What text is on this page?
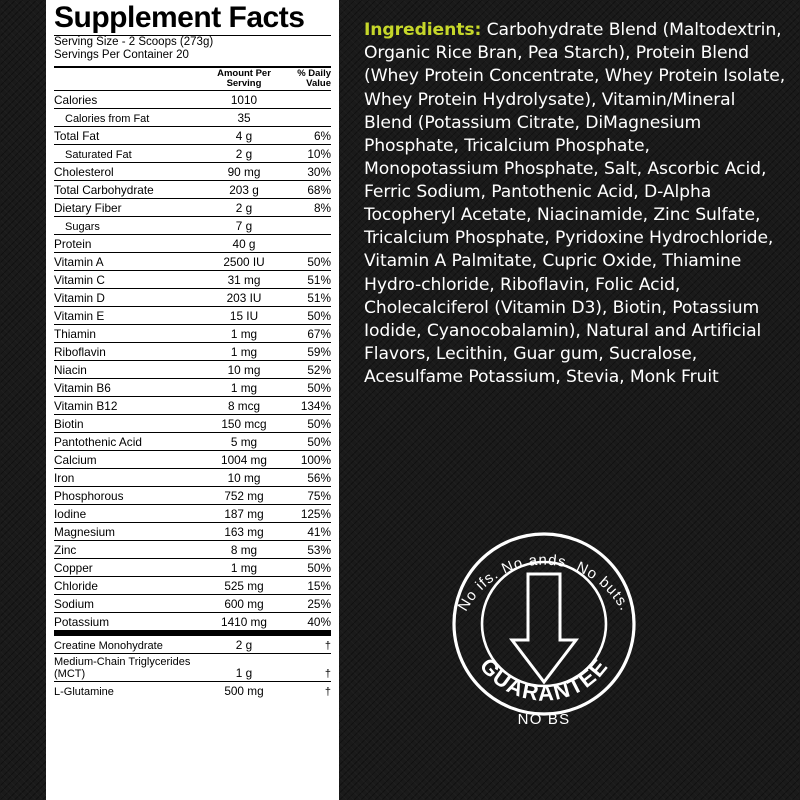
Supplement Facts
Serving Size - 2 Scoops (273g)
Servings Per Container 20
	Amount Per
Serving	% Daily
Value
Calories	1010	
Calories from Fat	35	
Total Fat	4 g	6%
Saturated Fat	2 g	10%
Cholesterol	90 mg	30%
Total Carbohydrate	203 g	68%
Dietary Fiber	2 g	8%
Sugars	7 g	
Protein	40 g	
Vitamin A	2500 IU	50%
Vitamin C	31 mg	51%
Vitamin D	203 IU	51%
Vitamin E	15 IU	50%
Thiamin	1 mg	67%
Riboflavin	1 mg	59%
Niacin	10 mg	52%
Vitamin B6	1 mg	50%
Vitamin B12	8 mcg	134%
Biotin	150 mcg	50%
Pantothenic Acid	5 mg	50%
Calcium	1004 mg	100%
Iron	10 mg	56%
Phosphorous	752 mg	75%
Iodine	187 mg	125%
Magnesium	163 mg	41%
Zinc	8 mg	53%
Copper	1 mg	50%
Chloride	525 mg	15%
Sodium	600 mg	25%
Potassium	1410 mg	40%
Creatine Monohydrate	2 g	†
Medium-Chain Triglycerides (MCT)	1 g	†
L-Glutamine	500 mg	†

Ingredients: Carbohydrate Blend (Maltodextrin, Organic Rice Bran, Pea Starch), Protein Blend (Whey Protein Concentrate, Whey Protein Isolate, Whey Protein Hydrolysate), Vitamin/Mineral Blend (Potassium Citrate, DiMagnesium Phosphate, Tricalcium Phosphate, Monopotassium Phosphate, Salt, Ascorbic Acid, Ferric Sodium, Pantothenic Acid, D-Alpha Tocopheryl Acetate, Niacinamide, Zinc Sulfate, Tricalcium Phosphate, Pyridoxine Hydrochloride, Vitamin A Palmitate, Cupric Oxide, Thiamine Hydro-chloride, Riboflavin, Folic Acid, Cholecalciferol (Vitamin D3), Biotin, Potassium Iodide, Cyanocobalamin), Natural and Artificial Flavors, Lecithin, Guar gum, Sucralose, Acesulfame Potassium, Stevia, Monk Fruit

No ifs. No ands. No buts.
GUARANTEE
NO BS
